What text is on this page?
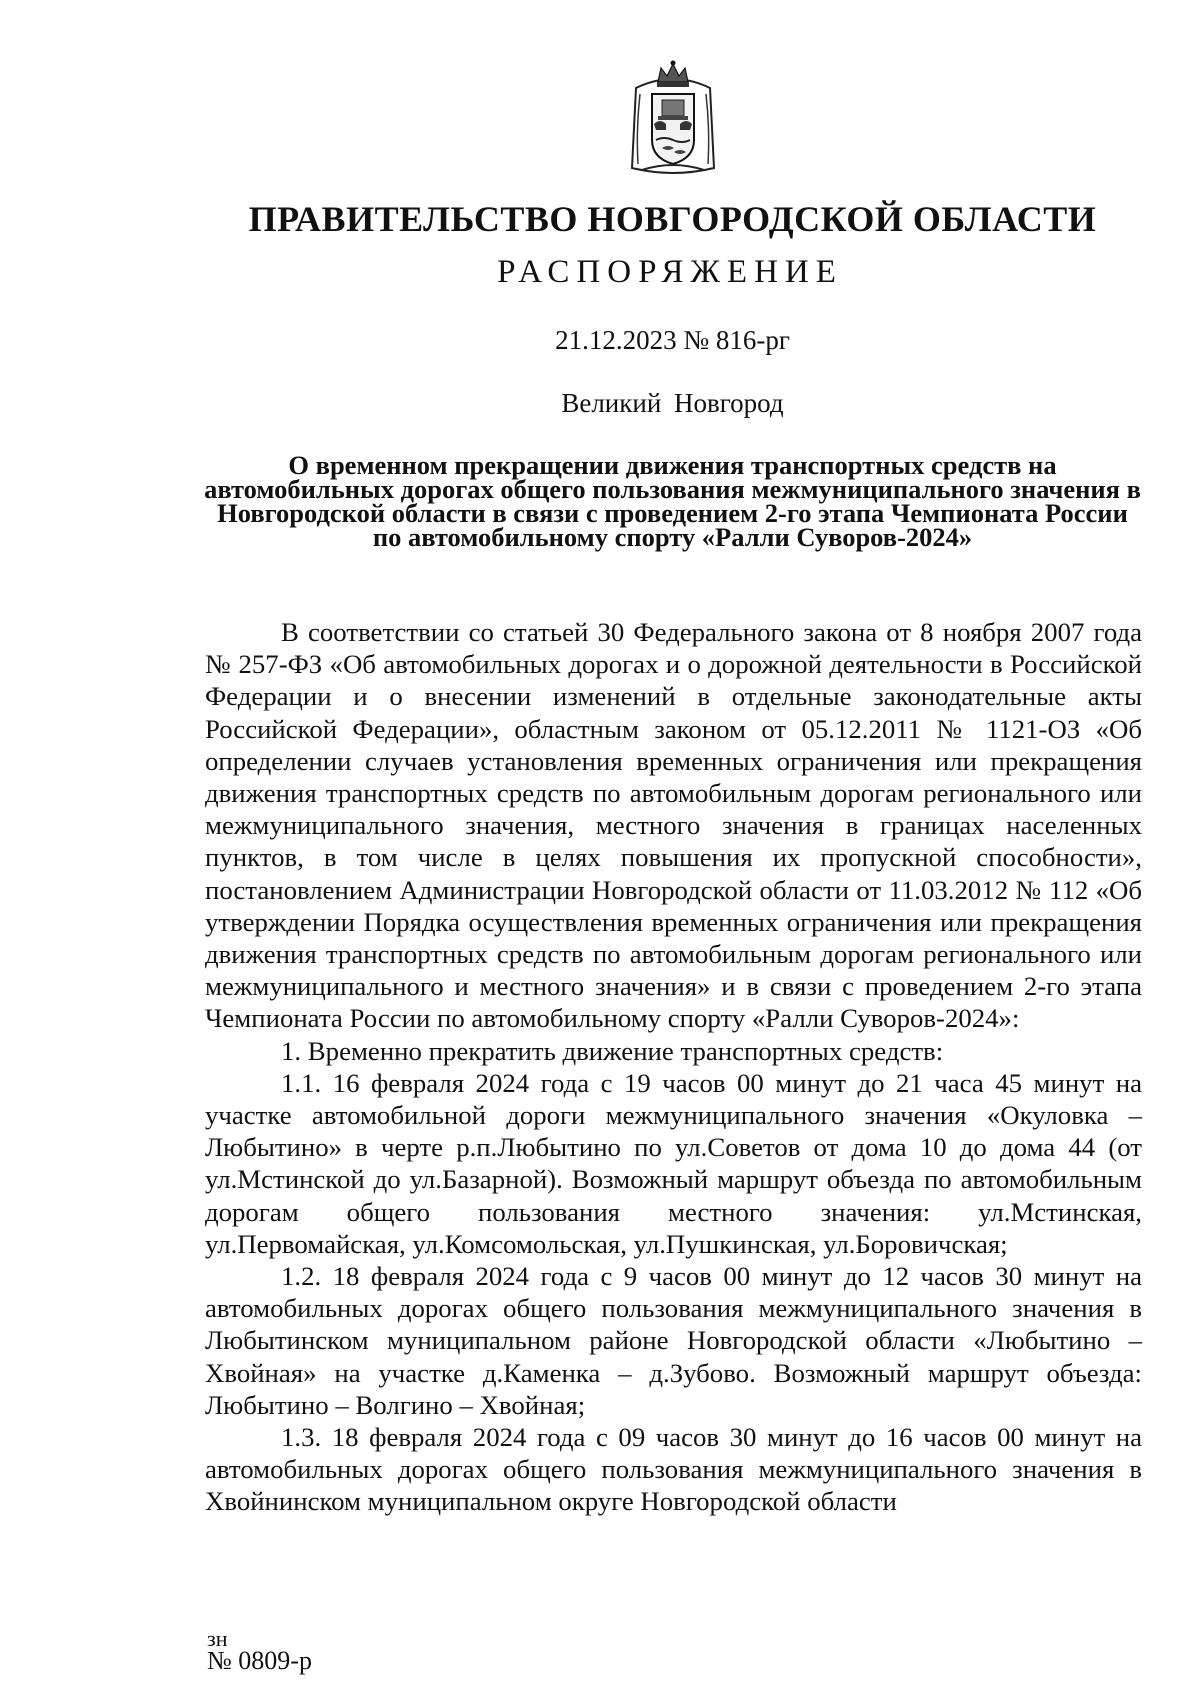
ПРАВИТЕЛЬСТВО НОВГОРОДСКОЙ ОБЛАСТИ
РАСПОРЯЖЕНИЕ
21.12.2023 № 816-рг
Великий Новгород
О временном прекращении движения транспортных средств на автомобильных дорогах общего пользования межмуниципального значения в Новгородской области в связи с проведением 2-го этапа Чемпионата России по автомобильному спорту «Ралли Суворов-2024»

В соответствии со статьей 30 Федерального закона от 8 ноября 2007 года № 257-ФЗ «Об автомобильных дорогах и о дорожной деятельности в Российской Федерации и о внесении изменений в отдельные законодательные акты Российской Федерации», областным законом от 05.12.2011 № 1121-ОЗ «Об определении случаев установления временных ограничения или прекращения движения транспортных средств по автомобильным дорогам регионального или межмуниципального значения, местного значения в границах населенных пунктов, в том числе в целях повышения их пропускной способности», постановлением Администрации Новгородской области от 11.03.2012 № 112 «Об утверждении Порядка осуществления временных ограничения или прекращения движения транспортных средств по автомобильным дорогам регионального или межмуниципального и местного значения» и в связи с проведением 2-го этапа Чемпионата России по автомобильному спорту «Ралли Суворов-2024»:

1. Временно прекратить движение транспортных средств:

1.1. 16 февраля 2024 года с 19 часов 00 минут до 21 часа 45 минут на участке автомобильной дороги межмуниципального значения «Окуловка – Любытино» в черте р.п.Любытино по ул.Советов от дома 10 до дома 44 (от ул.Мстинской до ул.Базарной). Возможный маршрут объезда по автомобильным дорогам общего пользования местного значения: ул.Мстинская, ул.Первомайская, ул.Комсомольская, ул.Пушкинская, ул.Боровичская;

1.2. 18 февраля 2024 года с 9 часов 00 минут до 12 часов 30 минут на автомобильных дорогах общего пользования межмуниципального значения в Любытинском муниципальном районе Новгородской области «Любытино – Хвойная» на участке д.Каменка – д.Зубово. Возможный маршрут объезда: Любытино – Волгино – Хвойная;

1.3. 18 февраля 2024 года с 09 часов 30 минут до 16 часов 00 минут на автомобильных дорогах общего пользования межмуниципального значения в Хвойнинском муниципальном округе Новгородской области

зн
№ 0809-р
